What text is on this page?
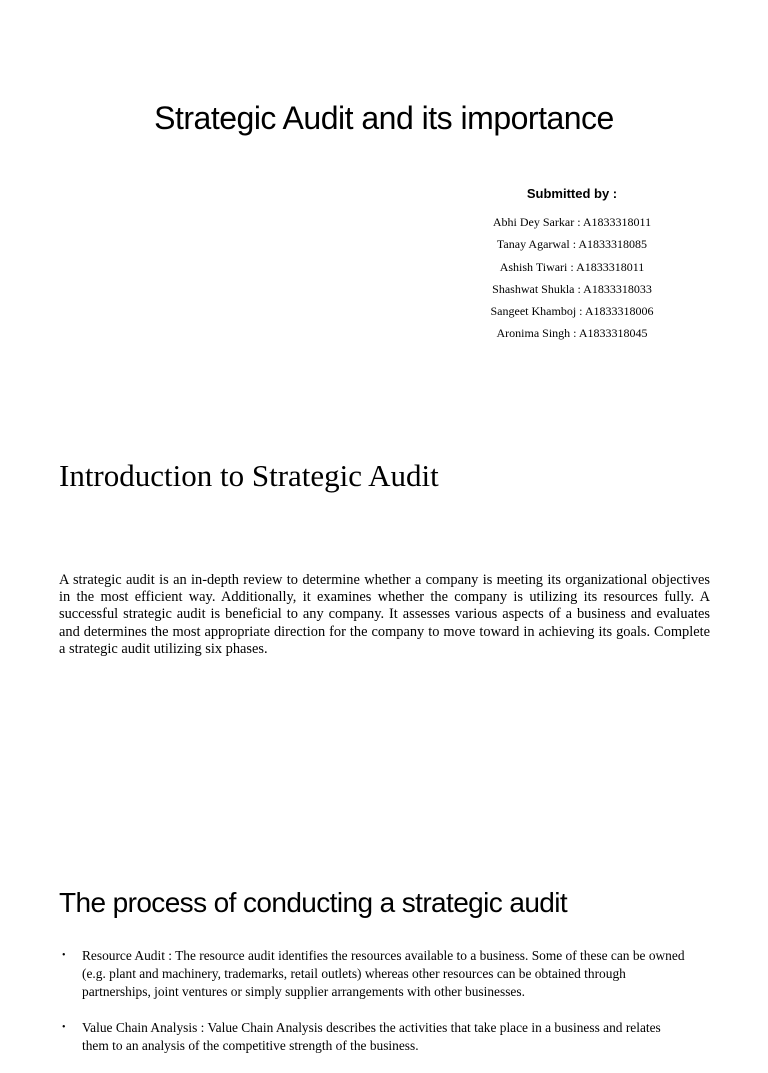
Strategic Audit and its importance
Submitted by :

Abhi Dey Sarkar : A1833318011

Tanay Agarwal : A1833318085

Ashish Tiwari : A1833318011

Shashwat Shukla : A1833318033

Sangeet Khamboj : A1833318006

Aronima Singh : A1833318045

Introduction to Strategic Audit

A strategic audit is an in-depth review to determine whether a company is meeting its organizational objectives in the most efficient way. Additionally, it examines whether the company is utilizing its resources fully. A successful strategic audit is beneficial to any company. It assesses various aspects of a business and evaluates and determines the most appropriate direction for the company to move toward in achieving its goals. Complete a strategic audit utilizing six phases.

The process of conducting a strategic audit
• Resource Audit : The resource audit identifies the resources available to a business. Some of these can be owned (e.g. plant and machinery, trademarks, retail outlets) whereas other resources can be obtained through partnerships, joint ventures or simply supplier arrangements with other businesses.
• Value Chain Analysis : Value Chain Analysis describes the activities that take place in a business and relates them to an analysis of the competitive strength of the business.
